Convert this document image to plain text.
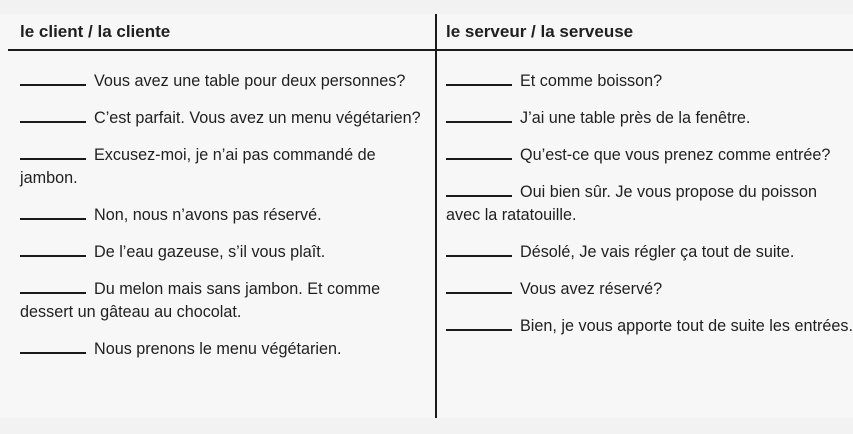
le client / la cliente	le serveur / la serveuse
Vous avez une table pour deux personnes?
C’est parfait. Vous avez un menu végétarien?
Excusez-moi, je n’ai pas commandé de jambon.
Non, nous n’avons pas réservé.
De l’eau gazeuse, s’il vous plaît.
Du melon mais sans jambon. Et comme dessert un gâteau au chocolat.
Nous prenons le menu végétarien.
Et comme boisson?
J’ai une table près de la fenêtre.
Qu’est-ce que vous prenez comme entrée?
Oui bien sûr. Je vous propose du poisson avec la ratatouille.
Désolé, Je vais régler ça tout de suite.
Vous avez réservé?
Bien, je vous apporte tout de suite les entrées.
